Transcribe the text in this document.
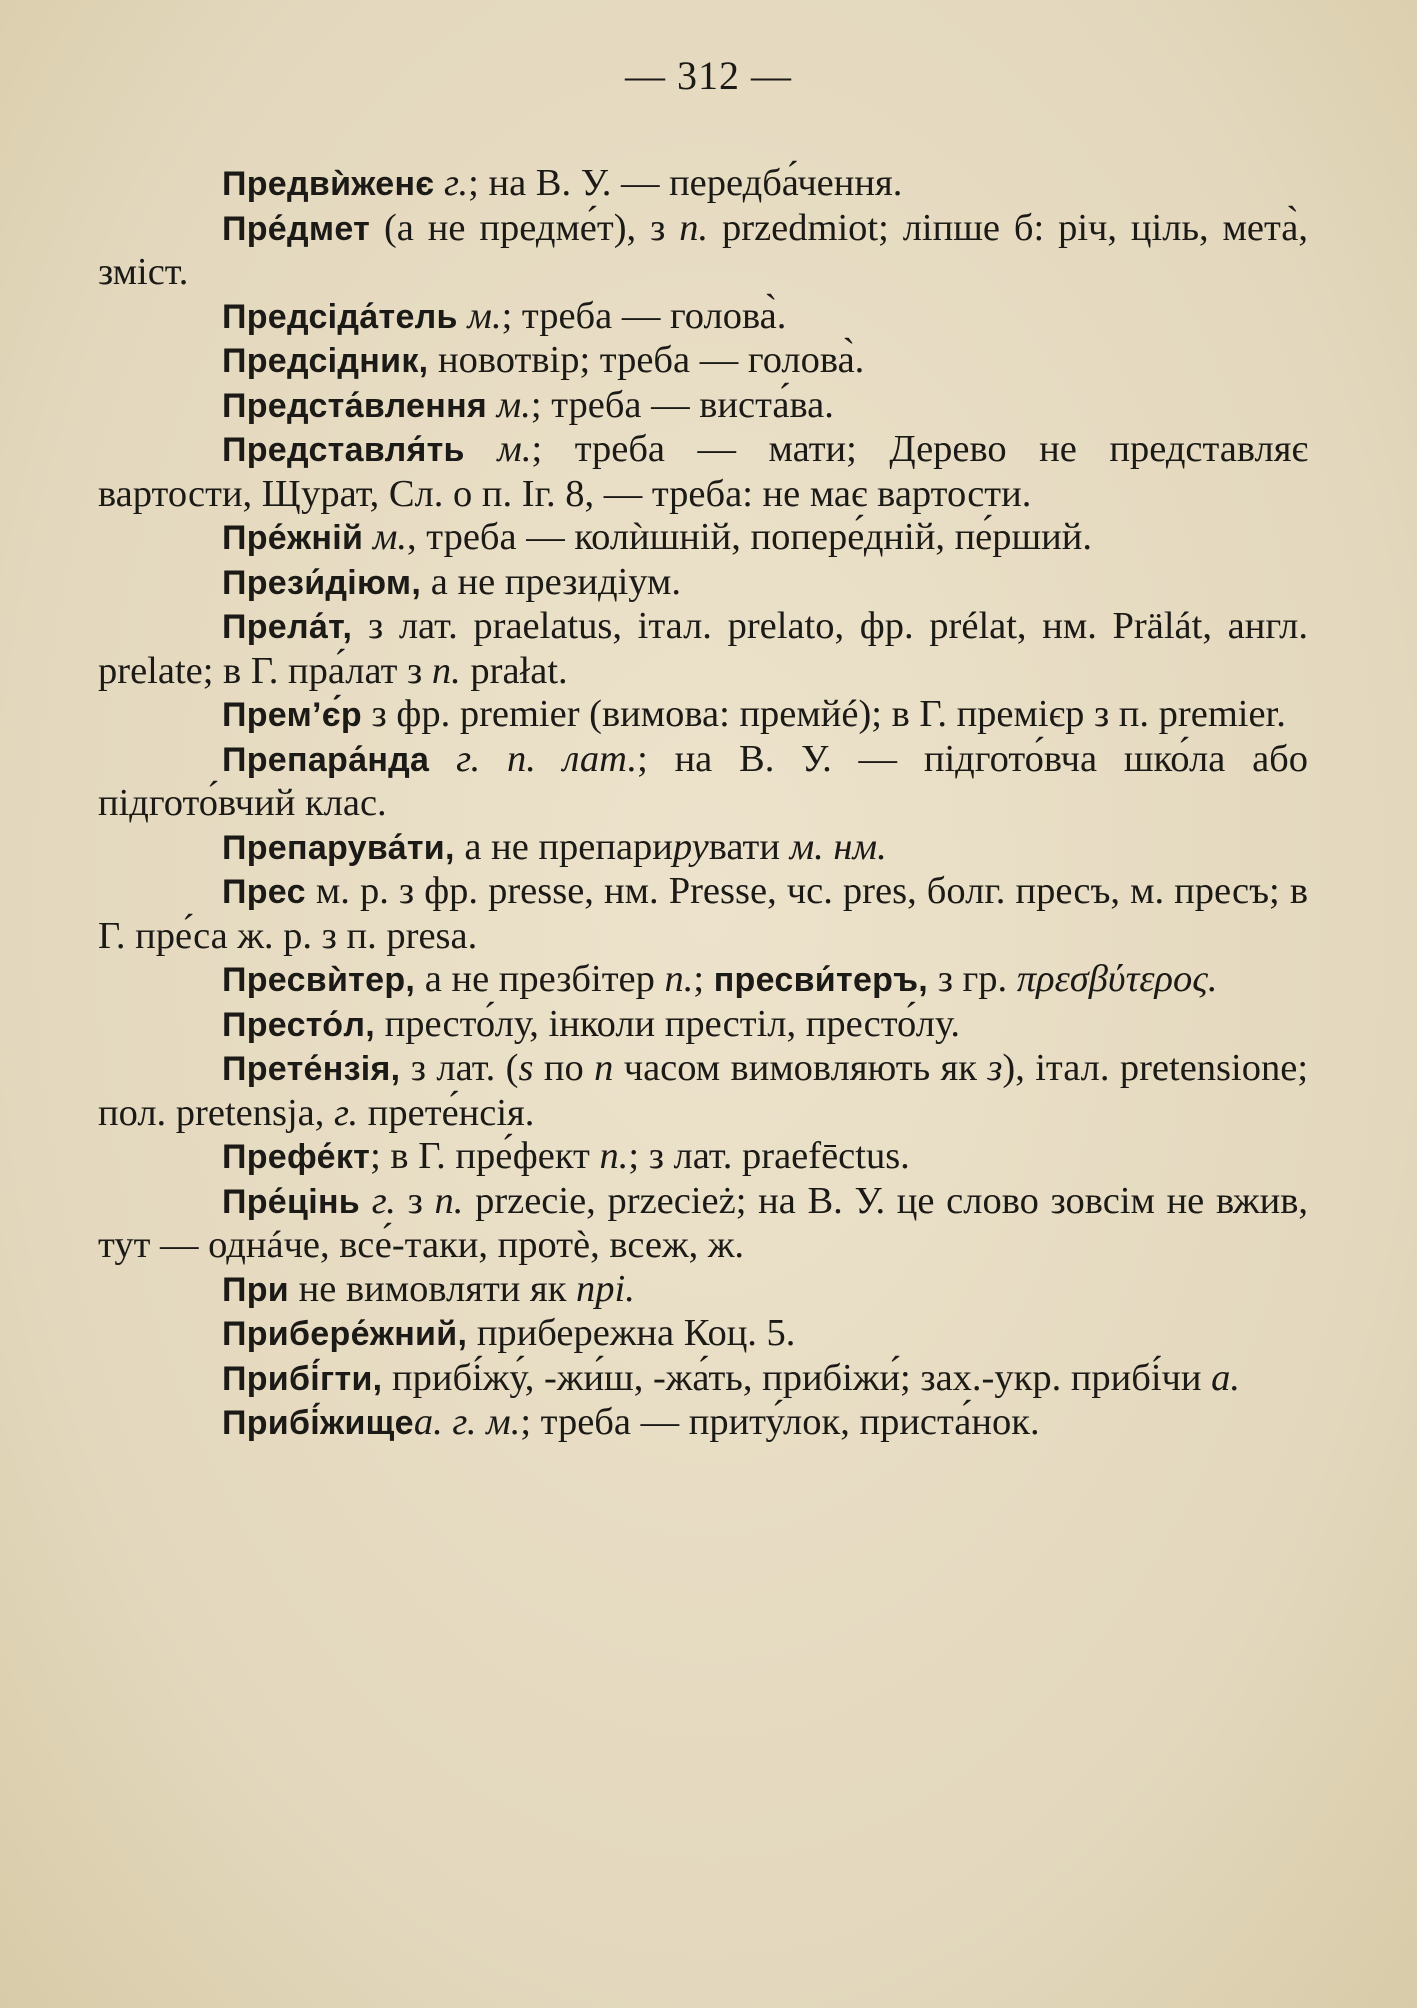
— 312 —

Предвѝженє г.; на В. У. — передба́чення.

Пре́дмет (а не предме́т), з п. przedmiot; ліпше б: річ, ціль, мета̀, зміст.

Предсіда́тель м.; треба — голова̀.

Предсідник, новотвір; треба — голова̀.

Предста́влення м.; треба — виста́ва.

Представля́ть м.; треба — мати; Дерево не представляє вартости, Щурат, Сл. о п. Іг. 8, — треба: не має вартости.

Пре́жній м., треба — колѝшній, попере́дній, пе́рший.

Прези́діюм, а не президіум.

Прела́т, з лат. praelatus, італ. prelato, фр. prélat, нм. Prälát, англ. prelate; в Г. пра́лат з п. prałat.

Прем’є́р з фр. premier (вимова: премйé); в Г. премієр з п. premier.

Препара́нда г. п. лат.; на В. У. — підгото́вча шко́ла або підгото́вчий клас.

Препарува́ти, а не препарирувати м. нм.

Прес м. р. з фр. presse, нм. Presse, чс. pres, болг. пресъ, м. пресъ; в Г. пре́са ж. р. з п. presa.

Пресвѝтер, а не презбітер п.; пресви́теръ, з гр. πρεσβύτερος.

Престо́л, престо́лу, інколи престіл, престо́лу.

Прете́нзія, з лат. (s по n часом вимовляють як з), італ. pretensione; пол. pretensja, г. прете́нсія.

Префе́кт; в Г. пре́фект п.; з лат. praefēctus.

Пре́цінь г. з п. przecie, przecież; на В. У. це слово зовсім не вжив, тут — однáче, все́-таки, протѐ, всеж, ж.

При не вимовляти як прі.

Прибере́жний, прибережна Коц. 5.

Прибі́гти, прибі́жу́, -жи́ш, -жа́ть, прибіжи́; зах.-укр. прибі́чи а.

Прибі́жищеа. г. м.; треба — приту́лок, приста́нок.
